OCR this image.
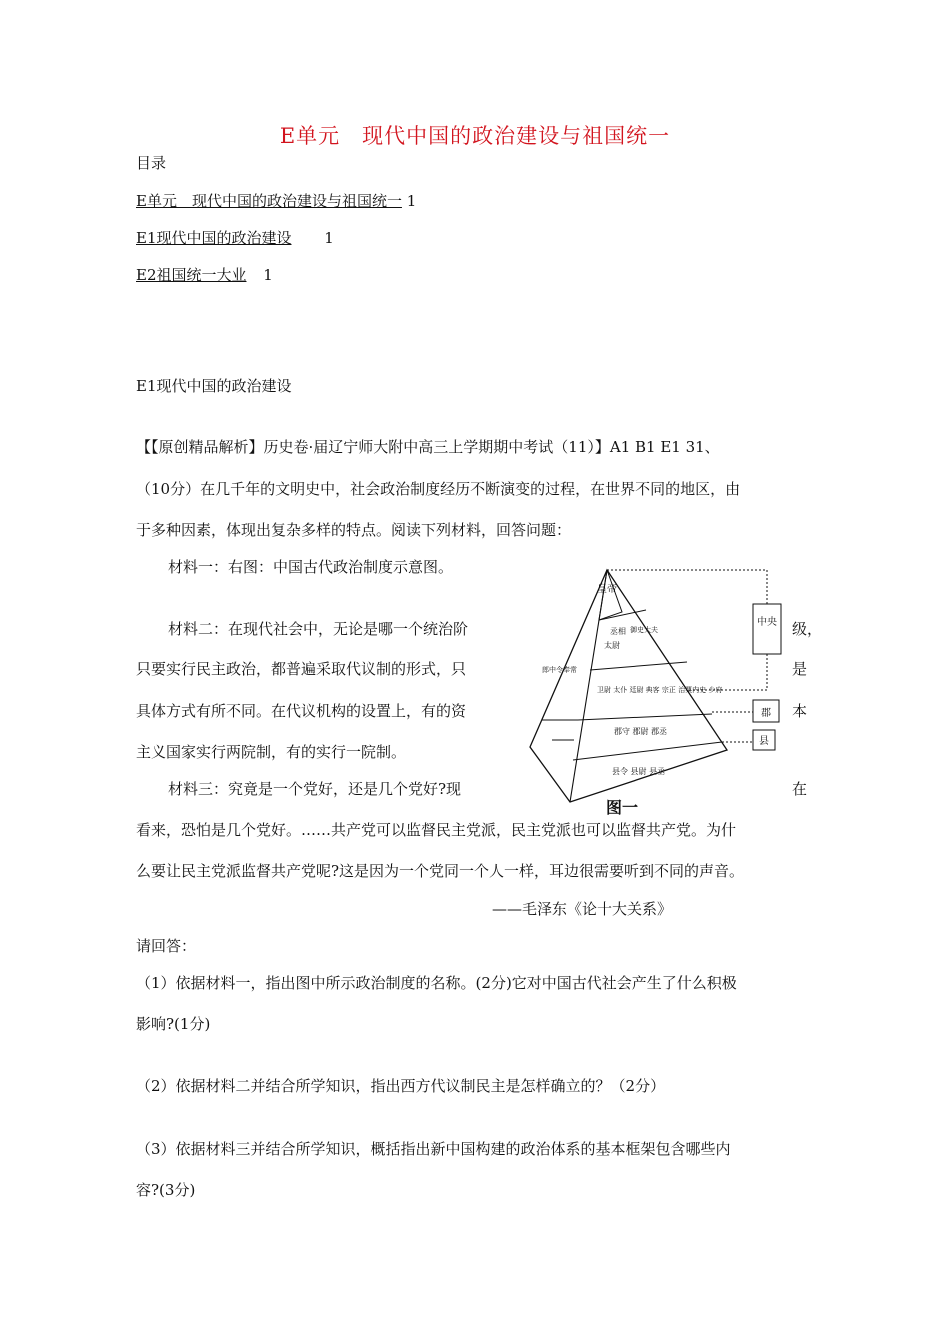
E单元　现代中国的政治建设与祖国统一
目录
E单元　现代中国的政治建设与祖国统一 1
E1现代中国的政治建设 1
E2祖国统一大业 1
E1现代中国的政治建设
【【原创精品解析】历史卷·届辽宁师大附中高三上学期期中考试（11）】A1 B1 E1 31、
（10分）在几千年的文明史中，社会政治制度经历不断演变的过程，在世界不同的地区，由
于多种因素，体现出复杂多样的特点。阅读下列材料，回答问题：
材料一：右图：中国古代政治制度示意图。
材料二：在现代社会中，无论是哪一个统治阶
只要实行民主政治，都普遍采取代议制的形式，只
具体方式有所不同。在代议机构的设置上，有的资
主义国家实行两院制，有的实行一院制。
级，
是
本
材料三：究竟是一个党好，还是几个党好?现	在
看来，恐怕是几个党好。……共产党可以监督民主党派，民主党派也可以监督共产党。为什
么要让民主党派监督共产党呢?这是因为一个党同一个人一样，耳边很需要听到不同的声音。
——毛泽东《论十大关系》
请回答：
（1）依据材料一，指出图中所示政治制度的名称。(2分)它对中国古代社会产生了什么积极
影响?(1分)
（2）依据材料二并结合所学知识，指出西方代议制民主是怎样确立的？（2分）
（3）依据材料三并结合所学知识，概括指出新中国构建的政治体系的基本框架包含哪些内
容?(3分)
皇帝
丞相
太尉
御史大夫
郎中令奉常
卫尉 太仆 廷尉 典客 宗正 治粟内史 少府
郡守 郡尉 郡丞
县令 县尉 县丞
中央
郡
县
图一
